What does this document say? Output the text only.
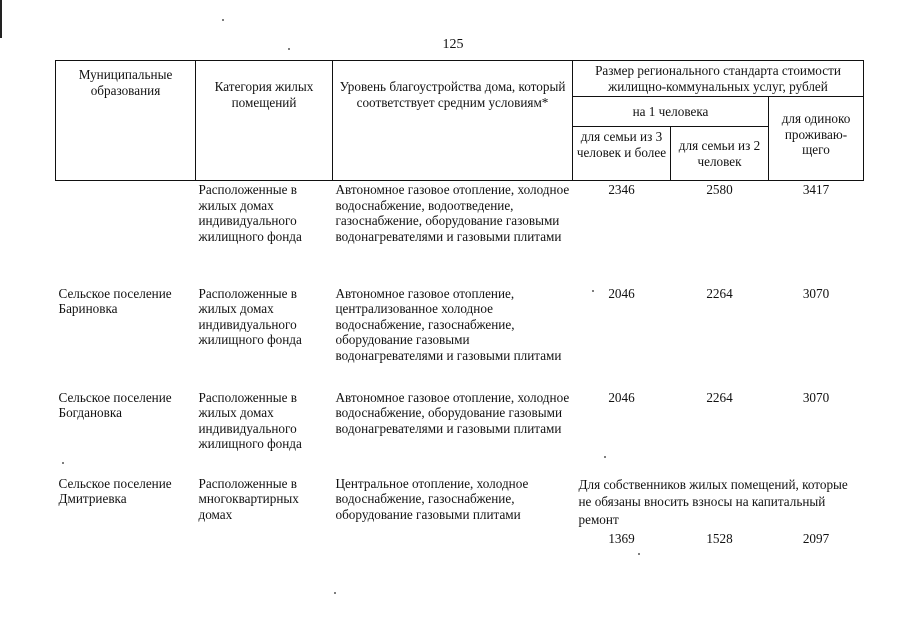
125
Муниципальные образования	Категория жилых помещений	Уровень благоустройства дома, который соответствует средним условиям*	Размер регионального стандарта стоимости жилищно-коммунальных услуг, рублей		
			на 1 человека		для одиноко проживаю-щего
			для семьи из 3 человек и более	для семьи из 2 человек	
	Расположенные в жилых домах индивидуального жилищного фонда	Автономное газовое отопление, холодное водоснабжение, водоотведение, газоснабжение, оборудование газовыми водонагревателями и газовыми плитами	2346	2580	3417
Сельское поселение Бариновка	Расположенные в жилых домах индивидуального жилищного фонда	Автономное газовое отопление, централизованное холодное водоснабжение, газоснабжение, оборудование газовыми водонагревателями и газовыми плитами	2046	2264	3070
Сельское поселение Богдановка	Расположенные в жилых домах индивидуального жилищного фонда	Автономное газовое отопление, холодное водоснабжение, оборудование газовыми водонагревателями и газовыми плитами	2046	2264	3070
Сельское поселение Дмитриевка	Расположенные в многоквартирных домах	Центральное отопление, холодное водоснабжение, газоснабжение, оборудование газовыми плитами	Для собственников жилых помещений, которые не обязаны вносить взносы на капитальный ремонт		
			1369	1528	2097
